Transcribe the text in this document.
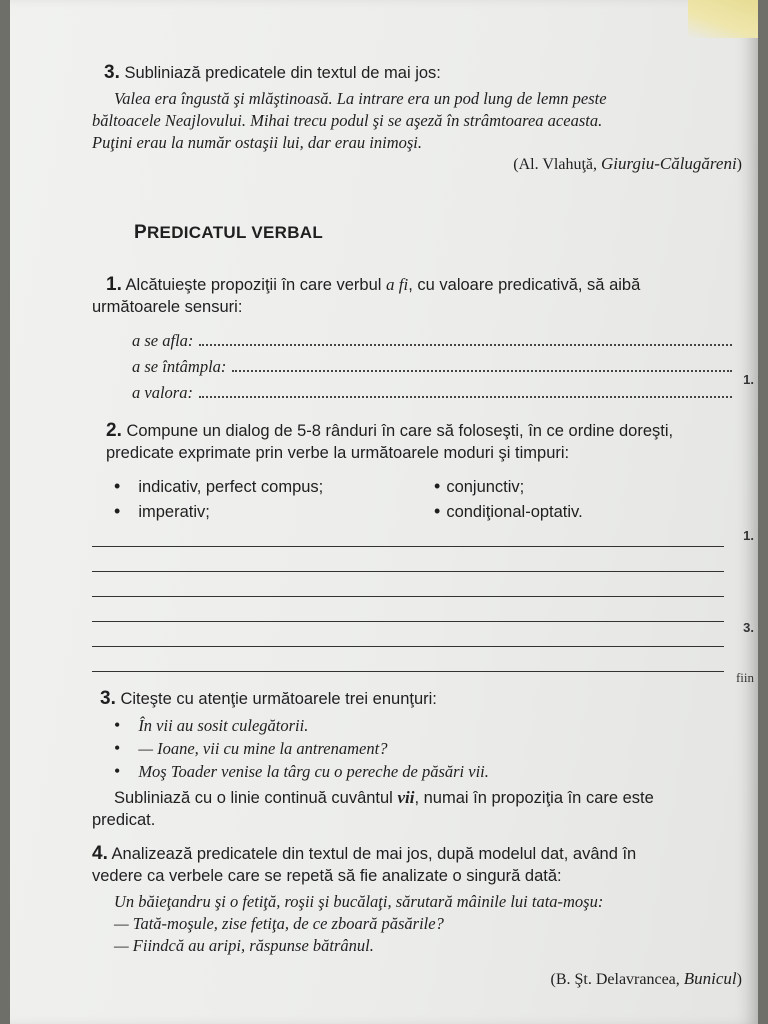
1.
1.
3.
fiin
3. Subliniază predicatele din textul de mai jos:
Valea era îngustă şi mlăştinoasă. La intrare era un pod lung de lemn peste
băltoacele Neajlovului. Mihai trecu podul şi se aşeză în strâmtoarea aceasta.
Puţini erau la număr ostaşii lui, dar erau inimoşi.
(Al. Vlahuţă, Giurgiu-Călugăreni)
PREDICATUL VERBAL
1. Alcătuieşte propoziţii în care verbul a fi, cu valoare predicativă, să aibă
următoarele sensuri:
a se afla:
a se întâmpla:
a valora:
2. Compune un dialog de 5-8 rânduri în care să foloseşti, în ce ordine doreşti,
predicate exprimate prin verbe la următoarele moduri şi timpuri:
• indicativ, perfect compus;	• conjunctiv;
• imperativ;	• condiţional-optativ.
3. Citeşte cu atenţie următoarele trei enunţuri:
• În vii au sosit culegătorii.
• — Ioane, vii cu mine la antrenament?
• Moş Toader venise la târg cu o pereche de păsări vii.
Subliniază cu o linie continuă cuvântul vii, numai în propoziţia în care este
predicat.
4. Analizează predicatele din textul de mai jos, după modelul dat, având în
vedere ca verbele care se repetă să fie analizate o singură dată:
Un băieţandru şi o fetiţă, roşii şi bucălaţi, sărutară mâinile lui tata-moşu:
— Tată-moşule, zise fetiţa, de ce zboară păsările?
— Fiindcă au aripi, răspunse bătrânul.
(B. Şt. Delavrancea, Bunicul)
